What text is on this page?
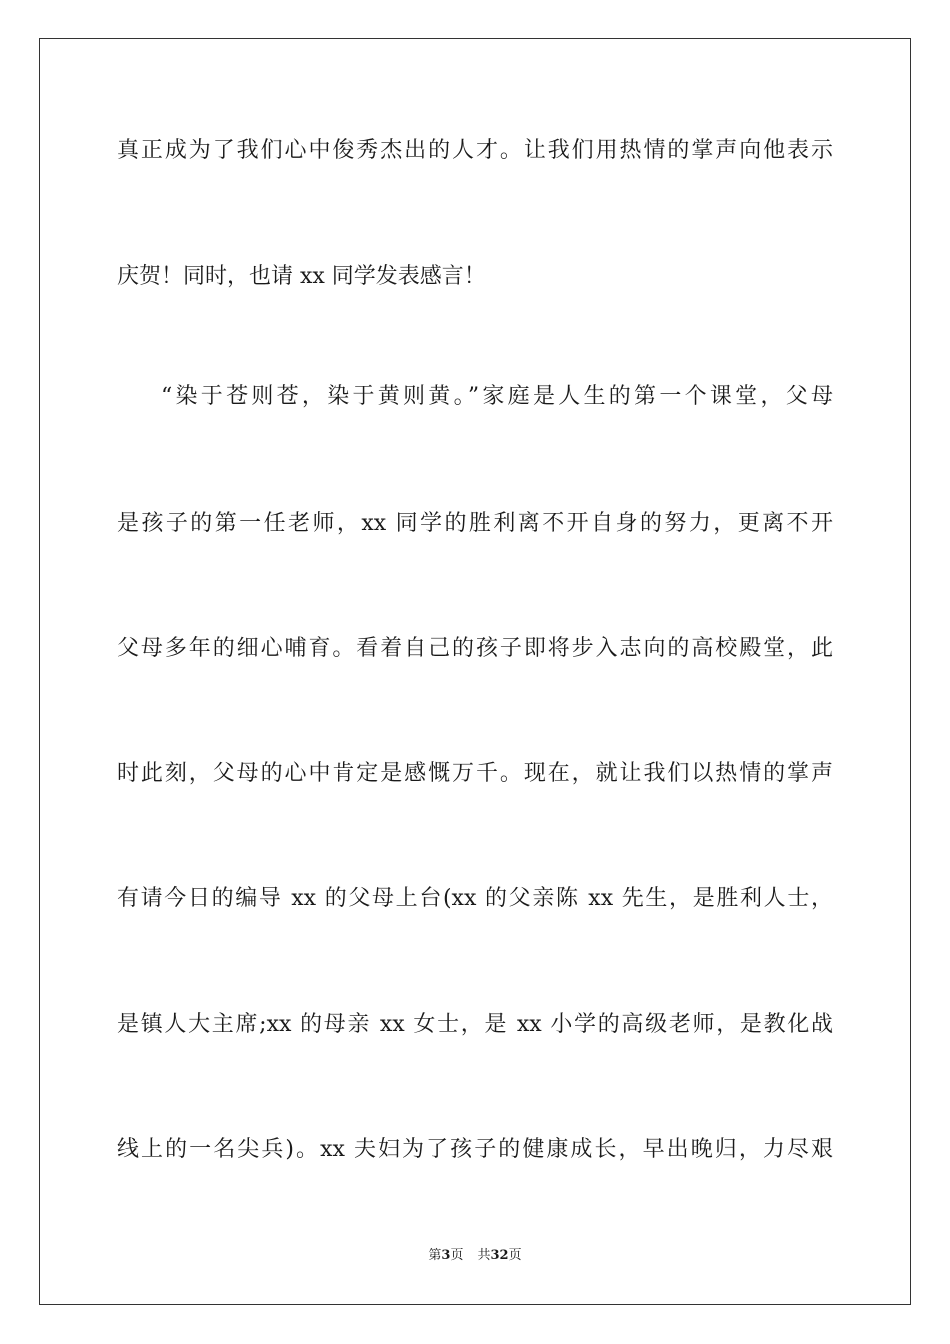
真正成为了我们心中俊秀杰出的人才。让我们用热情的掌声向他表示
庆贺！同时，也请 xx 同学发表感言！
“染于苍则苍，染于黄则黄。”家庭是人生的第一个课堂，父母
是孩子的第一任老师，xx 同学的胜利离不开自身的努力，更离不开
父母多年的细心哺育。看着自己的孩子即将步入志向的高校殿堂，此
时此刻，父母的心中肯定是感慨万千。现在，就让我们以热情的掌声
有请今日的编导 xx 的父母上台(xx 的父亲陈 xx 先生，是胜利人士，
是镇人大主席;xx 的母亲 xx 女士，是 xx 小学的高级老师，是教化战
线上的一名尖兵)。xx 夫妇为了孩子的健康成长，早出晚归，力尽艰
第3页 共32页
